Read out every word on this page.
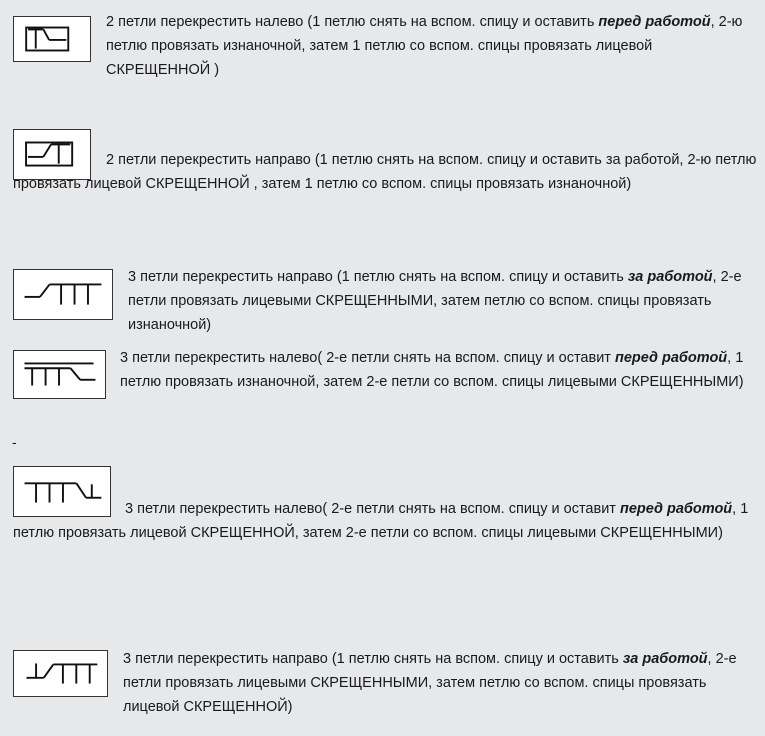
2 петли перекрестить налево (1 петлю снять на вспом. спицу и оставить перед работой, 2-ю петлю провязать изнаночной, затем 1 петлю со вспом. спицы провязать лицевой СКРЕЩЕННОЙ )

2 петли перекрестить направо (1 петлю снять на вспом. спицу и оставить за работой, 2-ю петлю провязать лицевой СКРЕЩЕННОЙ , затем 1 петлю со вспом. спицы провязать изнаночной)

3 петли перекрестить направо (1 петлю снять на вспом. спицу и оставить за работой, 2-е петли провязать лицевыми СКРЕЩЕННЫМИ, затем петлю со вспом. спицы провязать изнаночной)

3 петли перекрестить налево( 2-е петли снять на вспом. спицу и оставит перед работой, 1 петлю провязать изнаночной, затем 2-е петли со вспом. спицы лицевыми СКРЕЩЕННЫМИ)

-

3 петли перекрестить налево( 2-е петли снять на вспом. спицу и оставит перед работой, 1 петлю провязать лицевой СКРЕЩЕННОЙ, затем 2-е петли со вспом. спицы лицевыми СКРЕЩЕННЫМИ)

3 петли перекрестить направо (1 петлю снять на вспом. спицу и оставить за работой, 2-е петли провязать лицевыми СКРЕЩЕННЫМИ, затем петлю со вспом. спицы провязать лицевой СКРЕЩЕННОЙ)
